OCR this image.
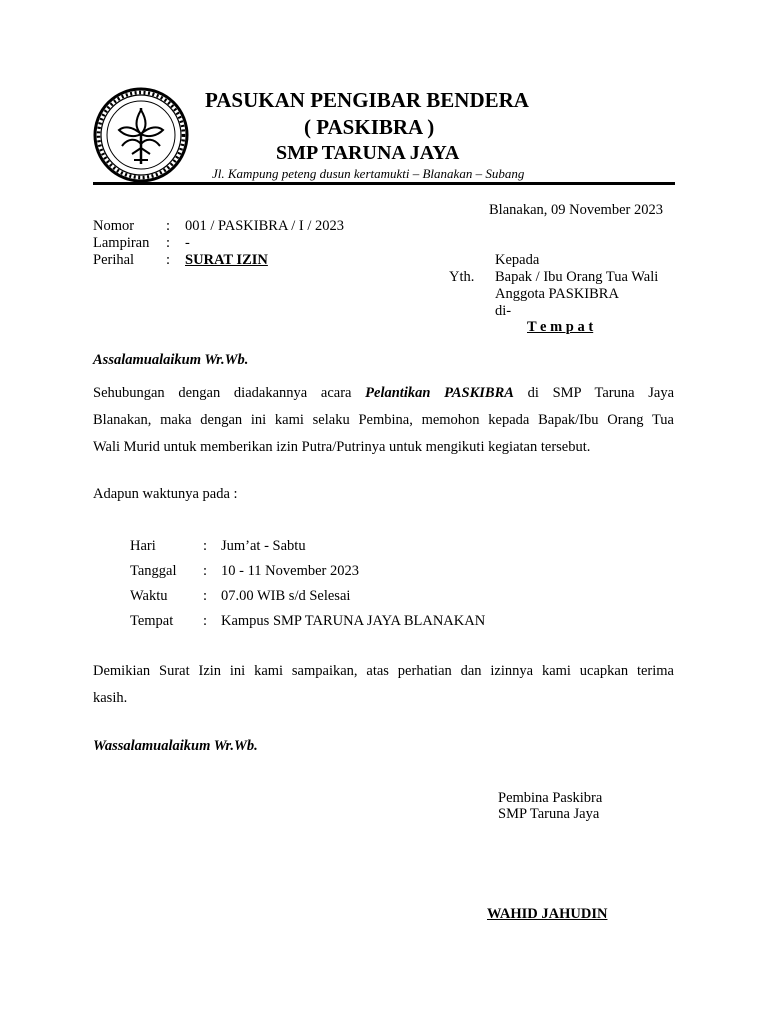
PASUKAN PENGIBAR BENDERA
( PASKIBRA )
SMP TARUNA JAYA
Jl. Kampung peteng dusun kertamukti – Blanakan – Subang
Blanakan, 09 November 2023
Nomor : 001 / PASKIBRA / I / 2023
Lampiran : -
Perihal : SURAT IZIN	Kepada
Yth. Bapak / Ibu Orang Tua Wali
Anggota PASKIBRA
di-
T e m p a t
Assalamualaikum Wr.Wb.
Sehubungan dengan diadakannya acara Pelantikan PASKIBRA di SMP Taruna Jaya
Blanakan, maka dengan ini kami selaku Pembina, memohon kepada Bapak/Ibu Orang Tua
Wali Murid untuk memberikan izin Putra/Putrinya untuk mengikuti kegiatan tersebut.
Adapun waktunya pada :
Hari	: Jum’at - Sabtu
Tanggal : 10 - 11 November 2023
Waktu : 07.00 WIB s/d Selesai
Tempat : Kampus SMP TARUNA JAYA BLANAKAN
Demikian Surat Izin ini kami sampaikan, atas perhatian dan izinnya kami ucapkan terima
kasih.
Wassalamualaikum Wr.Wb.
Pembina Paskibra
SMP Taruna Jaya
WAHID JAHUDIN
